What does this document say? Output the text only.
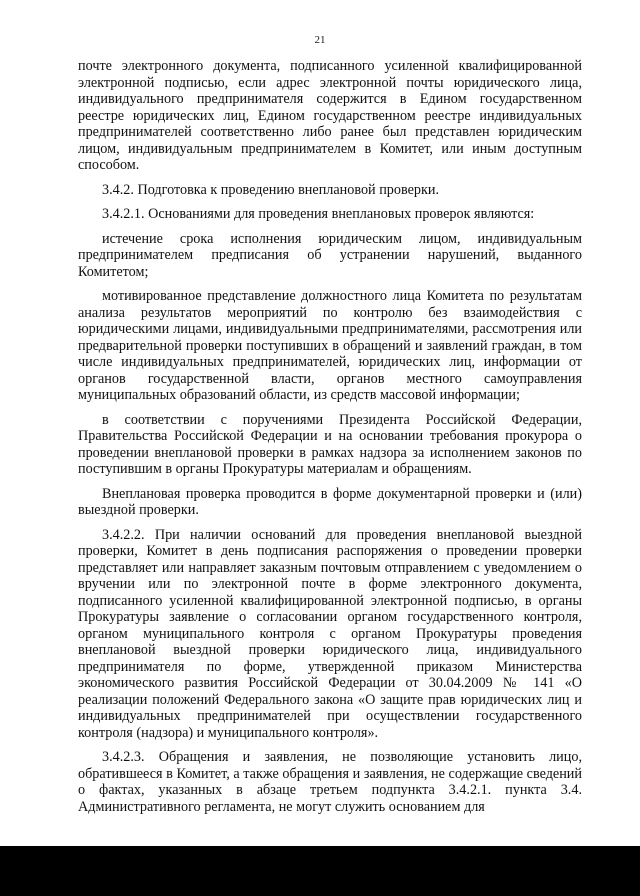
21

почте электронного документа, подписанного усиленной квалифицированной электронной подписью, если адрес электронной почты юридического лица, индивидуального предпринимателя содержится в Едином государственном реестре юридических лиц, Едином государственном реестре индивидуальных предпринимателей соответственно либо ранее был представлен юридическим лицом, индивидуальным предпринимателем в Комитет, или иным доступным способом.

3.4.2. Подготовка к проведению внеплановой проверки.

3.4.2.1. Основаниями для проведения внеплановых проверок являются:

истечение срока исполнения юридическим лицом, индивидуальным предпринимателем предписания об устранении нарушений, выданного Комитетом;

мотивированное представление должностного лица Комитета по результатам анализа результатов мероприятий по контролю без взаимодействия с юридическими лицами, индивидуальными предпринимателями, рассмотрения или предварительной проверки поступивших в обращений и заявлений граждан, в том числе индивидуальных предпринимателей, юридических лиц, информации от органов государственной власти, органов местного самоуправления муниципальных образований области, из средств массовой информации;

в соответствии с поручениями Президента Российской Федерации, Правительства Российской Федерации и на основании требования прокурора о проведении внеплановой проверки в рамках надзора за исполнением законов по поступившим в органы Прокуратуры материалам и обращениям.

Внеплановая проверка проводится в форме документарной проверки и (или) выездной проверки.

3.4.2.2. При наличии оснований для проведения внеплановой выездной проверки, Комитет в день подписания распоряжения о проведении проверки представляет или направляет заказным почтовым отправлением с уведомлением о вручении или по электронной почте в форме электронного документа, подписанного усиленной квалифицированной электронной подписью, в органы Прокуратуры заявление о согласовании органом государственного контроля, органом муниципального контроля с органом Прокуратуры проведения внеплановой выездной проверки юридического лица, индивидуального предпринимателя по форме, утвержденной приказом Министерства экономического развития Российской Федерации от 30.04.2009 № 141 «О реализации положений Федерального закона «О защите прав юридических лиц и индивидуальных предпринимателей при осуществлении государственного контроля (надзора) и муниципального контроля».

3.4.2.3. Обращения и заявления, не позволяющие установить лицо, обратившееся в Комитет, а также обращения и заявления, не содержащие сведений о фактах, указанных в абзаце третьем подпункта 3.4.2.1. пункта 3.4. Административного регламента, не могут служить основанием для
